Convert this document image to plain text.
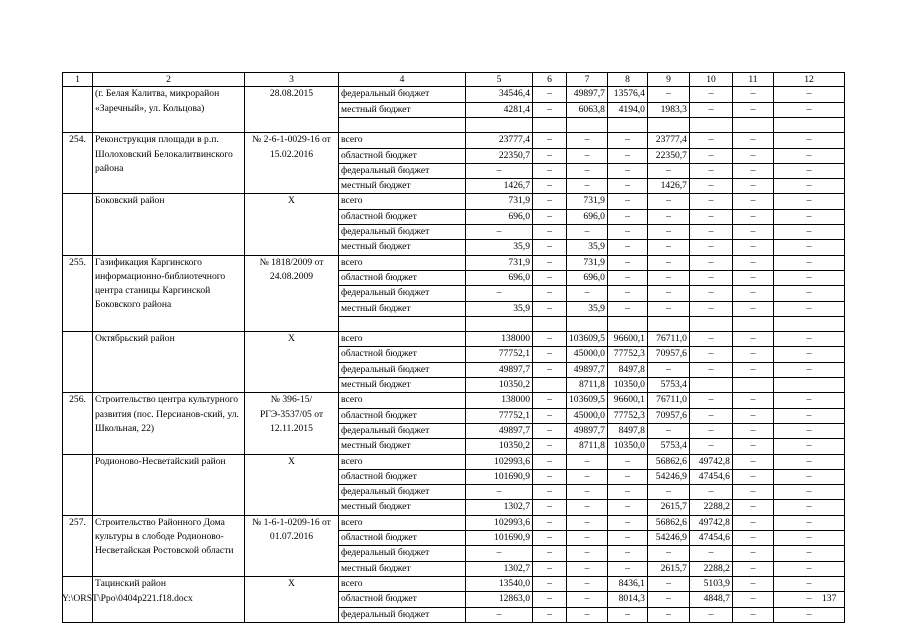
1	2	3	4	5	6	7	8	9	10	11	12
	(г. Белая Калитва, микрорайон «Заречный», ул. Кольцова)	28.08.2015	федеральный бюджет	34546,4	–	49897,7	13576,4	–	–	–	–
			местный бюджет	4281,4	–	6063,8	4194,0	1983,3	–	–	–

254.	Реконструкция площади в р.п. Шолоховский Белокалитвинского района	№ 2-6-1-0029-16 от 15.02.2016	всего	23777,4	–	–	–	23777,4	–	–	–
			областной бюджет	22350,7	–	–	–	22350,7	–	–	–
			федеральный бюджет	–	–	–	–	–	–	–	–
			местный бюджет	1426,7	–	–	–	1426,7	–	–	–
	Боковский район	Х	всего	731,9	–	731,9	–	–	–	–	–
			областной бюджет	696,0	–	696,0	–	–	–	–	–
			федеральный бюджет	–	–	–	–	–	–	–	–
			местный бюджет	35,9	–	35,9	–	–	–	–	–
255.	Газификация Каргинского информационно-библиотечного центра станицы Каргинской Боковского района	№ 1818/2009 от 24.08.2009	всего	731,9	–	731,9	–	–	–	–	–
			областной бюджет	696,0	–	696,0	–	–	–	–	–
			федеральный бюджет	–	–	–	–	–	–	–	–
			местный бюджет	35,9	–	35,9	–	–	–	–	–

	Октябрьский район	Х	всего	138000	–	103609,5	96600,1	76711,0	–	–	–
			областной бюджет	77752,1	–	45000,0	77752,3	70957,6	–	–	–
			федеральный бюджет	49897,7	–	49897,7	8497,8	–	–	–	–
			местный бюджет	10350,2		8711,8	10350,0	5753,4			
256.	Строительство центра культурного развития (пос. Персианов-ский, ул. Школьная, 22)	№ 396-15/РГЭ-3537/05 от 12.11.2015	всего	138000	–	103609,5	96600,1	76711,0	–	–	–
			областной бюджет	77752,1	–	45000,0	77752,3	70957,6	–	–	–
			федеральный бюджет	49897,7	–	49897,7	8497,8	–	–	–	–
			местный бюджет	10350,2	–	8711,8	10350,0	5753,4	–	–	–
	Родионово-Несветайский район	Х	всего	102993,6	–	–	–	56862,6	49742,8	–	–
			областной бюджет	101690,9	–	–	–	54246,9	47454,6	–	–
			федеральный бюджет	–	–	–	–	–	–	–	–
			местный бюджет	1302,7	–	–	–	2615,7	2288,2	–	–
257.	Строительство Районного Дома культуры в слободе Родионово-Несветайская Ростовской области	№ 1-6-1-0209-16 от 01.07.2016	всего	102993,6	–	–	–	56862,6	49742,8	–	–
			областной бюджет	101690,9	–	–	–	54246,9	47454,6	–	–
			федеральный бюджет	–	–	–	–	–	–	–	–
			местный бюджет	1302,7	–	–	–	2615,7	2288,2	–	–
	Тацинский район	Х	всего	13540,0	–	–	8436,1	–	5103,9	–	–
			областной бюджет	12863,0	–	–	8014,3	–	4848,7	–	–
			федеральный бюджет	–	–	–	–	–	–	–	–
Y:\ORST\Ppo\0404p221.f18.docx	137
